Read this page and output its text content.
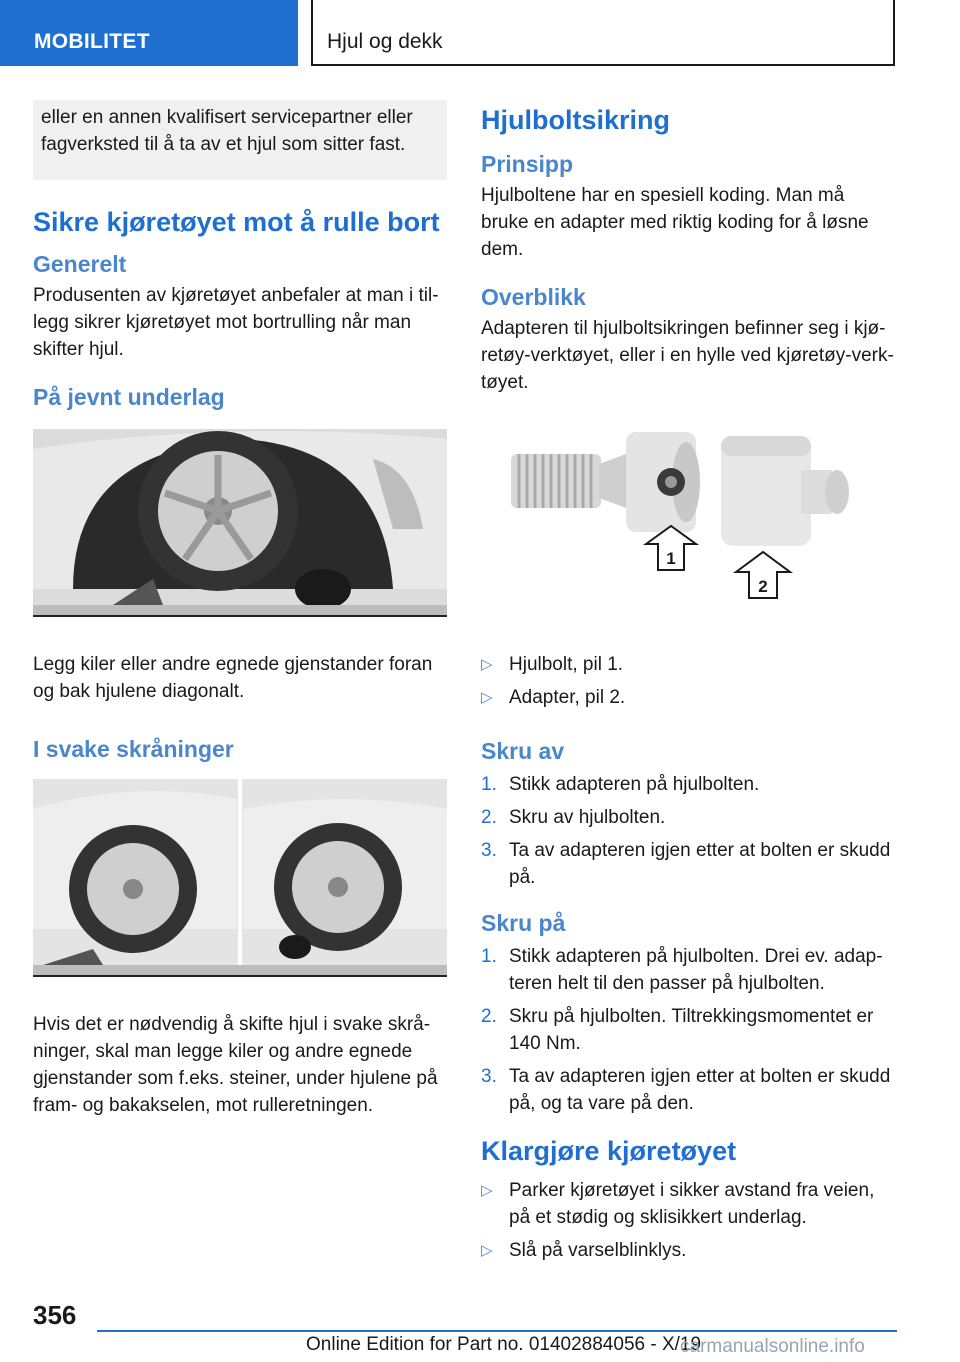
MOBILITET	Hjul og dekk

eller en annen kvalifisert servicepartner eller fagverksted til å ta av et hjul som sitter fast.

Sikre kjøretøyet mot å rulle bort
Generelt

Produsenten av kjøretøyet anbefaler at man i til-legg sikrer kjøretøyet mot bortrulling når man skifter hjul.

På jevnt underlag

Legg kiler eller andre egnede gjenstander foran og bak hjulene diagonalt.

I svake skråninger

Hvis det er nødvendig å skifte hjul i svake skrå-ninger, skal man legge kiler og andre egnede gjenstander som f.eks. steiner, under hjulene på fram- og bakakselen, mot rulleretningen.

Hjulboltsikring
Prinsipp

Hjulboltene har en spesiell koding. Man må bruke en adapter med riktig koding for å løsne dem.

Overblikk

Adapteren til hjulboltsikringen befinner seg i kjø-retøy-verktøyet, eller i en hylle ved kjøretøy-verk-tøyet.

1
2
▷ Hjulbolt, pil 1.
▷ Adapter, pil 2.
Skru av
1. Stikk adapteren på hjulbolten.
2. Skru av hjulbolten.
3. Ta av adapteren igjen etter at bolten er skudd på.
Skru på
1. Stikk adapteren på hjulbolten. Drei ev. adap-teren helt til den passer på hjulbolten.
2. Skru på hjulbolten. Tiltrekkingsmomentet er 140 Nm.
3. Ta av adapteren igjen etter at bolten er skudd på, og ta vare på den.
Klargjøre kjøretøyet
▷ Parker kjøretøyet i sikker avstand fra veien, på et stødig og sklisikkert underlag.
▷ Slå på varselblinklys.
356
Online Edition for Part no. 01402884056 - X/19
carmanualsonline.info
